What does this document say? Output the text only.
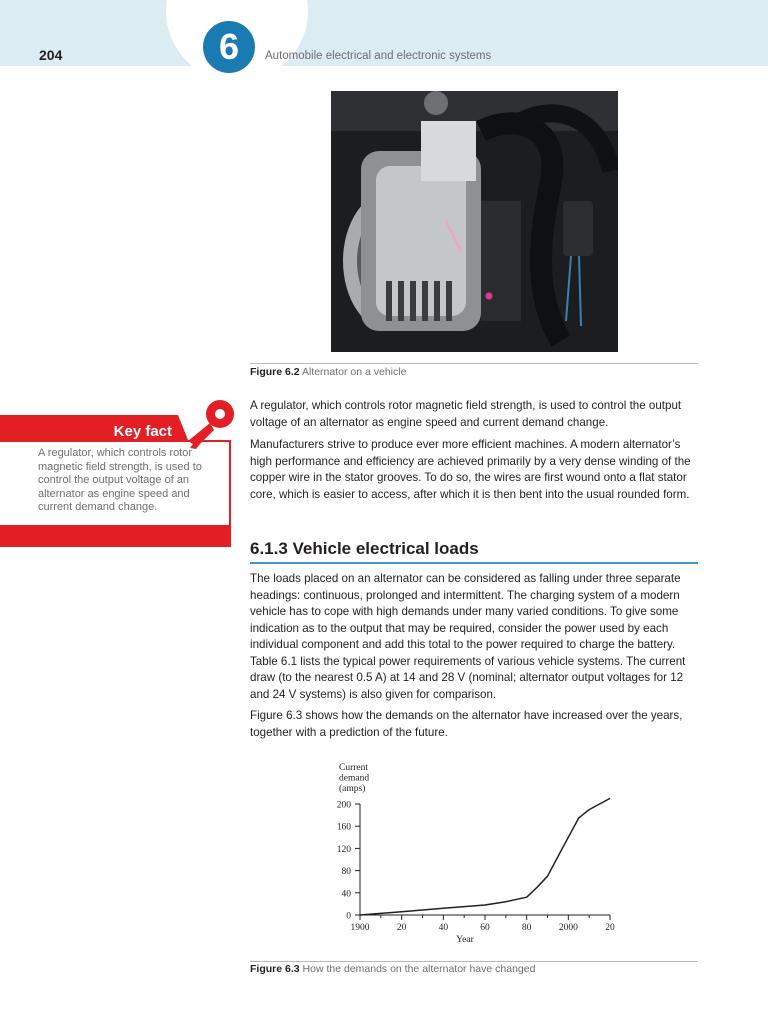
204	6	Automobile electrical and electronic systems
Figure 6.2 Alternator on a vehicle
Key fact
A regulator, which controls rotor magnetic field strength, is used to control the output voltage of an alternator as engine speed and current demand change.

A regulator, which controls rotor magnetic field strength, is used to control the output voltage of an alternator as engine speed and current demand change.

Manufacturers strive to produce ever more efficient machines. A modern alternator’s high performance and efficiency are achieved primarily by a very dense winding of the copper wire in the stator grooves. To do so, the wires are first wound onto a flat stator core, which is easier to access, after which it is then bent into the usual rounded form.

6.1.3 Vehicle electrical loads

The loads placed on an alternator can be considered as falling under three separate headings: continuous, prolonged and intermittent. The charging system of a modern vehicle has to cope with high demands under many varied conditions. To give some indication as to the output that may be required, consider the power used by each individual component and add this total to the power required to charge the battery. Table 6.1 lists the typical power requirements of various vehicle systems. The current draw (to the nearest 0.5 A) at 14 and 28 V (nominal; alternator output voltages for 12 and 24 V systems) is also given for comparison.

Figure 6.3 shows how the demands on the alternator have increased over the years, together with a prediction of the future.

0
40
80
120
160
200
1900	20	40	60	80	2000	20
Current
demand
(amps)
Year
Figure 6.3 How the demands on the alternator have changed
